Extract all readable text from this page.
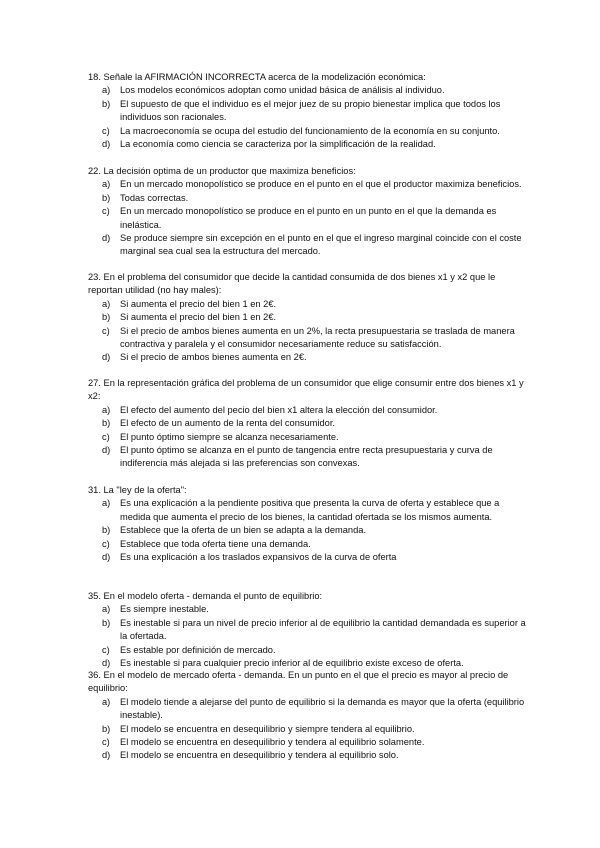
18. Señale la AFIRMACIÓN INCORRECTA acerca de la modelización económica:
a) Los modelos económicos adoptan como unidad básica de análisis al individuo.
b) El supuesto de que el individuo es el mejor juez de su propio bienestar implica que todos los individuos son racionales.
c) La macroeconomía se ocupa del estudio del funcionamiento de la economía en su conjunto.
d) La economía como ciencia se caracteriza por la simplificación de la realidad.
22. La decisión optima de un productor que maximiza beneficios:
a) En un mercado monopolístico se produce en el punto en el que el productor maximiza beneficios.
b) Todas correctas.
c) En un mercado monopolístico se produce en el punto en un punto en el que la demanda es inelástica.
d) Se produce siempre sin excepción en el punto en el que el ingreso marginal coincide con el coste marginal sea cual sea la estructura del mercado.
23. En el problema del consumidor que decide la cantidad consumida de dos bienes x1 y x2 que le reportan utilidad (no hay males):
a) Si aumenta el precio del bien 1 en 2€.
b) Si aumenta el precio del bien 1 en 2€.
c) Si el precio de ambos bienes aumenta en un 2%, la recta presupuestaria se traslada de manera contractiva y paralela y el consumidor necesariamente reduce su satisfacción.
d) Si el precio de ambos bienes aumenta en 2€.
27. En la representación gráfica del problema de un consumidor que elige consumir entre dos bienes x1 y x2:
a) El efecto del aumento del pecio del bien x1 altera la elección del consumidor.
b) El efecto de un aumento de la renta del consumidor.
c) El punto óptimo siempre se alcanza necesariamente.
d) El punto óptimo se alcanza en el punto de tangencia entre recta presupuestaria y curva de indiferencia más alejada si las preferencias son convexas.
31. La "ley de la oferta":
a) Es una explicación a la pendiente positiva que presenta la curva de oferta y establece que a medida que aumenta el precio de los bienes, la cantidad ofertada se los mismos aumenta.
b) Establece que la oferta de un bien se adapta a la demanda.
c) Establece que toda oferta tiene una demanda.
d) Es una explicación a los traslados expansivos de la curva de oferta
35. En el modelo oferta - demanda el punto de equilibrio:
a) Es siempre inestable.
b) Es inestable si para un nivel de precio inferior al de equilibrio la cantidad demandada es superior a la ofertada.
c) Es estable por definición de mercado.
d) Es inestable si para cualquier precio inferior al de equilibrio existe exceso de oferta.
36. En el modelo de mercado oferta - demanda. En un punto en el que el precio es mayor al precio de equilibrio:
a) El modelo tiende a alejarse del punto de equilibrio si la demanda es mayor que la oferta (equilibrio inestable).
b) El modelo se encuentra en desequilibrio y siempre tendera al equilibrio.
c) El modelo se encuentra en desequilibrio y tendera al equilibrio solamente.
d) El modelo se encuentra en desequilibrio y tendera al equilibrio solo.
